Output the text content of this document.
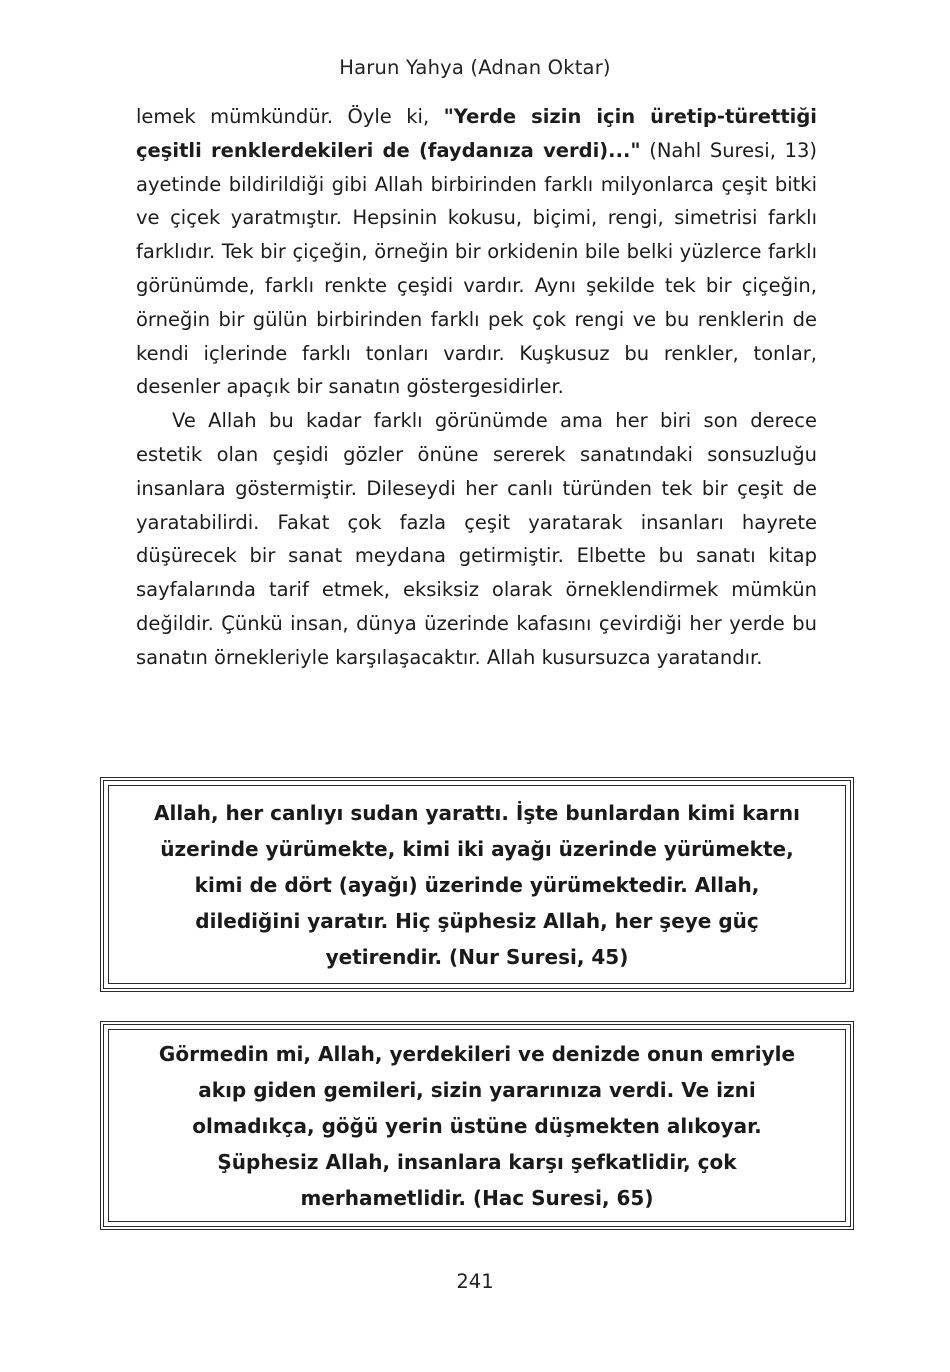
Harun Yahya (Adnan Oktar)

lemek mümkündür. Öyle ki, "Yerde sizin için üretip-türettiği çeşitli renklerdekileri de (faydanıza verdi)..." (Nahl Suresi, 13) ayetinde bildirildiği gibi Allah birbirinden farklı milyonlarca çeşit bitki ve çiçek yaratmıştır. Hepsinin kokusu, biçimi, rengi, simetrisi farklı farklıdır. Tek bir çiçeğin, örneğin bir orkidenin bile belki yüzlerce farklı görünümde, farklı renkte çeşidi vardır. Aynı şekilde tek bir çiçeğin, örneğin bir gülün birbirinden farklı pek çok rengi ve bu renklerin de kendi içlerinde farklı tonları vardır. Kuşkusuz bu renkler, tonlar, desenler apaçık bir sanatın göstergesidirler.

Ve Allah bu kadar farklı görünümde ama her biri son derece estetik olan çeşidi gözler önüne sererek sanatındaki sonsuzluğu insanlara göstermiştir. Dileseydi her canlı türünden tek bir çeşit de yaratabilirdi. Fakat çok fazla çeşit yaratarak insanları hayrete düşürecek bir sanat meydana getirmiştir. Elbette bu sanatı kitap sayfalarında tarif etmek, eksiksiz olarak örneklendirmek mümkün değildir. Çünkü insan, dünya üzerinde kafasını çevirdiği her yerde bu sanatın örnekleriyle karşılaşacaktır. Allah kusursuzca yaratandır.

Allah, her canlıyı sudan yarattı. İşte bunlardan kimi karnı üzerinde yürümekte, kimi iki ayağı üzerinde yürümekte, kimi de dört (ayağı) üzerinde yürümektedir. Allah, dilediğini yaratır. Hiç şüphesiz Allah, her şeye güç yetirendir. (Nur Suresi, 45)
Görmedin mi, Allah, yerdekileri ve denizde onun emriyle akıp giden gemileri, sizin yararınıza verdi. Ve izni olmadıkça, göğü yerin üstüne düşmekten alıkoyar. Şüphesiz Allah, insanlara karşı şefkatlidir, çok merhametlidir. (Hac Suresi, 65)
241
